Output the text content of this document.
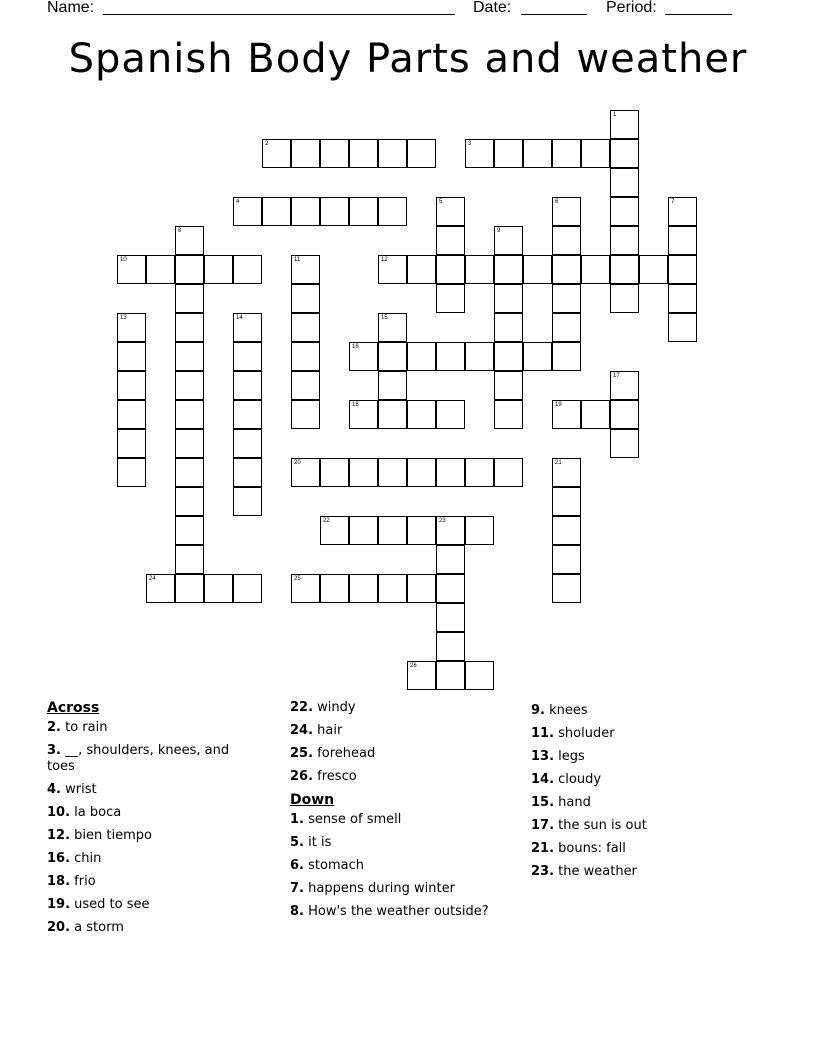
Name:	Date:	Period:
Spanish Body Parts and weather
1
2	3
4	5	6	7
8	9
10	11	12
13	14	15
16
17
18	19
20	21
22	23
24	25
26
Across
2. to rain
3. __, shoulders, knees, and toes
4. wrist
10. la boca
12. bien tiempo
16. chin
18. frio
19. used to see
20. a storm
22. windy
24. hair
25. forehead
26. fresco
Down
1. sense of smell
5. it is
6. stomach
7. happens during winter
8. How's the weather outside?
9. knees
11. sholuder
13. legs
14. cloudy
15. hand
17. the sun is out
21. bouns: fall
23. the weather
